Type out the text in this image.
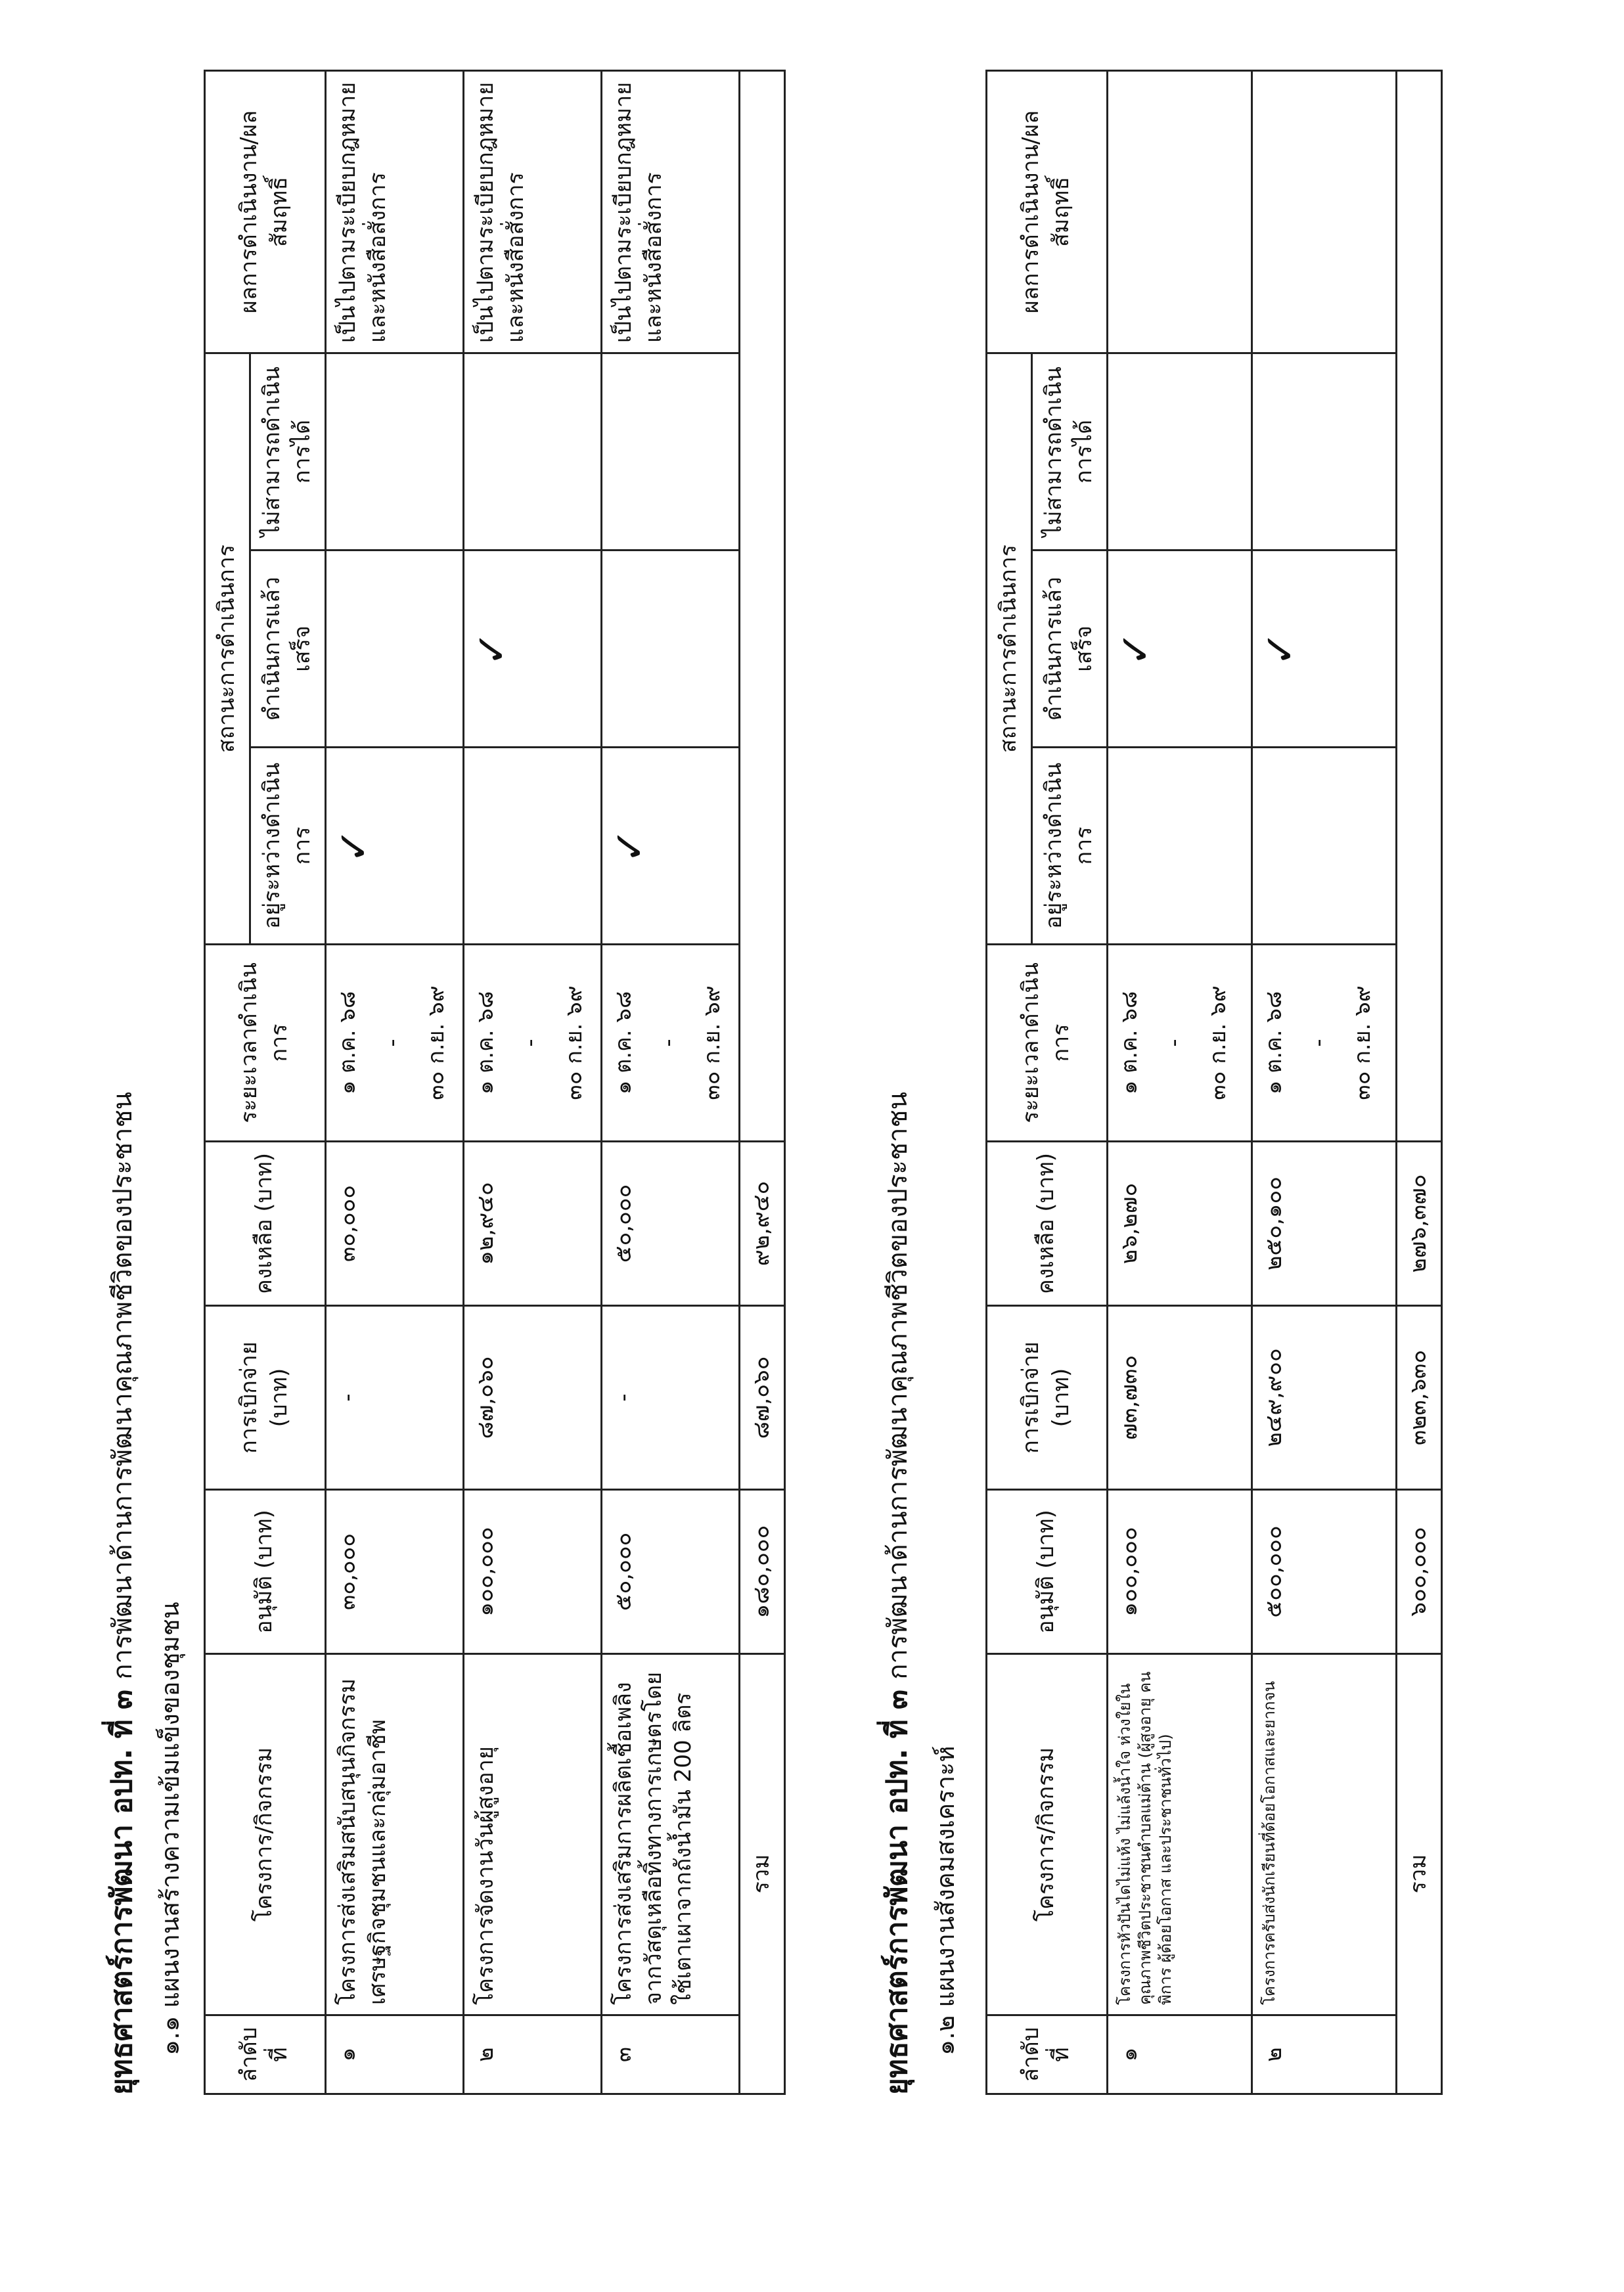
ยุทธศาสตร์การพัฒนา อปท. ที่ ๓ การพัฒนาด้านการพัฒนาคุณภาพชีวิตของประชาชน
๑.๑ แผนงานสร้างความเข้มแข็งของชุมชน ลำดับที่	โครงการ/กิจกรรม	อนุมัติ (บาท)	การเบิกจ่าย (บาท)	คงเหลือ (บาท)	ระยะเวลาดำเนินการ	สถานะการดำเนินการ			ผลการดำเนินงาน/ผลสัมฤทธิ์
						อยู่ระหว่างดำเนินการ	ดำเนินการแล้วเสร็จ	ไม่สามารถดำเนินการได้	
๑	โครงการส่งเสริมสนับสนุนกิจกรรมเศรษฐกิจชุมชนและกลุ่มอาชีพ	๓๐,๐๐๐	-	๓๐,๐๐๐	๑ ต.ค. ๖๘ - ๓๐ ก.ย. ๖๙	✓			เป็นไปตามระเบียบกฎหมายและหนังสือสั่งการ
๒	โครงการจัดงานวันผู้สูงอายุ	๑๐๐,๐๐๐	๘๗,๐๖๐	๑๒,๙๔๐	๑ ต.ค. ๖๘ - ๓๐ ก.ย. ๖๙		✓		เป็นไปตามระเบียบกฎหมายและหนังสือสั่งการ
๓	โครงการส่งเสริมการผลิตเชื้อเพลิงจากวัสดุเหลือทิ้งทางการเกษตรโดยใช้เตาเผาจากถังน้ำมัน 200 ลิตร	๕๐,๐๐๐	-	๕๐,๐๐๐	๑ ต.ค. ๖๘ - ๓๐ ก.ย. ๖๙	✓			เป็นไปตามระเบียบกฎหมายและหนังสือสั่งการ
รวม		๑๘๐,๐๐๐	๘๗,๐๖๐	๙๒,๙๔๐					
ยุทธศาสตร์การพัฒนา อปท. ที่ ๓ การพัฒนาด้านการพัฒนาคุณภาพชีวิตของประชาชน
๑.๒ แผนงานสังคมสงเคราะห์	ลำดับที่	โครงการ/กิจกรรม	อนุมัติ (บาท)	การเบิกจ่าย (บาท)	คงเหลือ (บาท)	ระยะเวลาดำเนินการ	สถานะการดำเนินการ			ผลการดำเนินงาน/ผลสัมฤทธิ์
						อยู่ระหว่างดำเนินการ	ดำเนินการแล้วเสร็จ	ไม่สามารถดำเนินการได้	
๑	โครงการหัวปันไดไม่แห้ง ไม่แล้งน้ำใจ ห่วงใยในคุณภาพชีวิตประชาชนตำบลแม่ต้าน (ผู้สูงอายุ คนพิการ ผู้ด้อยโอกาส และประชาชนทั่วไป)	๑๐๐,๐๐๐	๗๓,๗๓๐	๒๖,๒๗๐	๑ ต.ค. ๖๘ - ๓๐ ก.ย. ๖๙		✓		
๒	โครงการครับส่งนักเรียนที่ด้อยโอกาสและยากจน	๕๐๐,๐๐๐	๒๔๙,๙๐๐	๒๕๐,๑๐๐	๑ ต.ค. ๖๘ - ๓๐ ก.ย. ๖๙		✓		
รวม		๖๐๐,๐๐๐	๓๒๓,๖๓๐	๒๗๖,๓๗๐					
